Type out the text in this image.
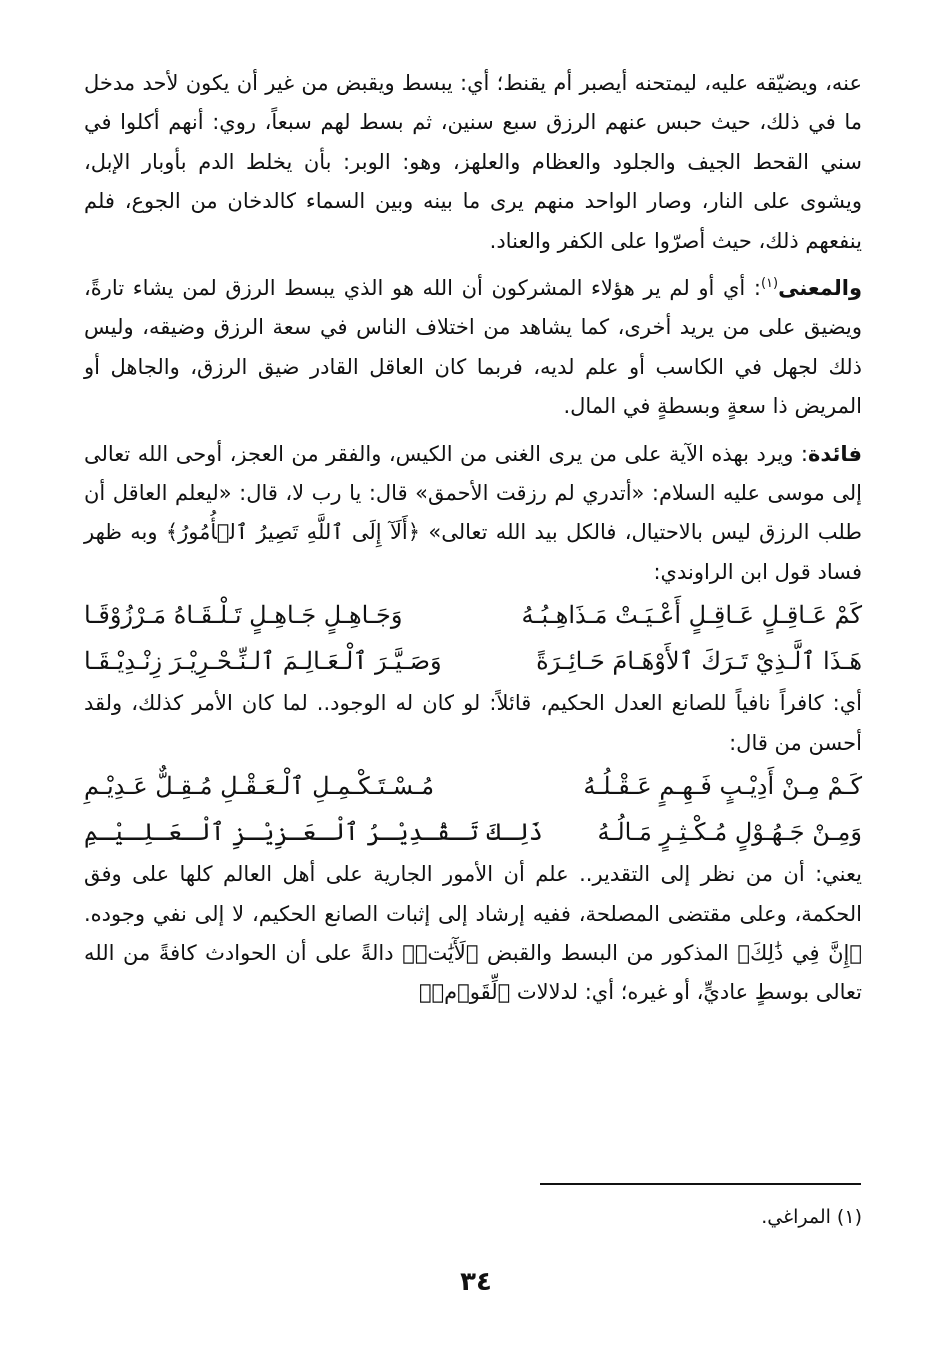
عنه، ويضيّقه عليه، ليمتحنه أيصبر أم يقنط؛ أي: يبسط ويقبض من غير أن يكون لأحد مدخل ما في ذلك، حيث حبس عنهم الرزق سبع سنين، ثم بسط لهم سبعاً، روي: أنهم أكلوا في سني القحط الجيف والجلود والعظام والعلهز، وهو: الوبر: بأن يخلط الدم بأوبار الإبل، ويشوى على النار، وصار الواحد منهم يرى ما بينه وبين السماء كالدخان من الجوع، فلم ينفعهم ذلك، حيث أصرّوا على الكفر والعناد.

والمعنى$^{(١)}$: أي أو لم ير هؤلاء المشركون أن الله هو الذي يبسط الرزق لمن يشاء تارةً، ويضيق على من يريد أخرى، كما يشاهد من اختلاف الناس في سعة الرزق وضيقه، وليس ذلك لجهل في الكاسب أو علم لديه، فربما كان العاقل القادر ضيق الرزق، والجاهل أو المريض ذا سعةٍ وبسطةٍ في المال.

فائدة: ويرد بهذه الآية على من يرى الغنى من الكيس، والفقر من العجز، أوحى الله تعالى إلى موسى عليه السلام: «أتدري لم رزقت الأحمق» قال: يا رب لا، قال: «ليعلم العاقل أن طلب الرزق ليس بالاحتيال، فالكل بيد الله تعالى» ﴿أَلَآ إِلَى ٱللَّهِ تَصِيرُ ٱلۡأُمُورُ﴾ وبه ظهر فساد قول ابن الراوندي:

كَمْ عَـاقِـلٍ عَـاقِـلٍ أَعْـيَـتْ مَـذَاهِـبُـهُ
وَجَـاهِـلٍ جَـاهِـلٍ تَـلْـقَـاهُ مَـرْزُوْقَـا
هَـذَا ٱلَّـذِيْ تَـرَكَ ٱلأَوْهَـامَ حَـائِـرَةً
وَصَـيَّـرَ ٱلْـعَـالِـمَ ٱلـنِّـحْـرِيْـرَ زِنْـدِيْـقَـا

أي: كافراً نافياً للصانع العدل الحكيم، قائلاً: لو كان له الوجود.. لما كان الأمر كذلك، ولقد أحسن من قال:

كَـمْ مِـنْ أَدِيْـبٍ فَـهِـمٍ عَـقْـلُـهُ
مُـسْـتَـكْـمِـلِ ٱلْـعَـقْـلِ مُـقِـلٌّ عَـدِيْـمِ
وَمِـنْ جَـهُـوْلٍ مُـكْـثِـرٍ مَـالُـهُ
ذَلِـكَ تَـقْـدِيْـرُ ٱلْـعَـزِيْـزِ ٱلْـعَـلِـيْـمِ

يعني: أن من نظر إلى التقدير.. علم أن الأمور الجارية على أهل العالم كلها على وفق الحكمة، وعلى مقتضى المصلحة، ففيه إرشاد إلى إثبات الصانع الحكيم، لا إلى نفي وجوده. ﴿إِنَّ فِي ذَٰلِكَ﴾ المذكور من البسط والقبض ﴿لَأٓيَٰتٖ﴾ دالةً على أن الحوادث كافةً من الله تعالى بوسطٍ عاديٍّ، أو غيره؛ أي: لدلالات ﴿لِّقَوۡمٖ﴾

(١) المراغي.
٣٤
